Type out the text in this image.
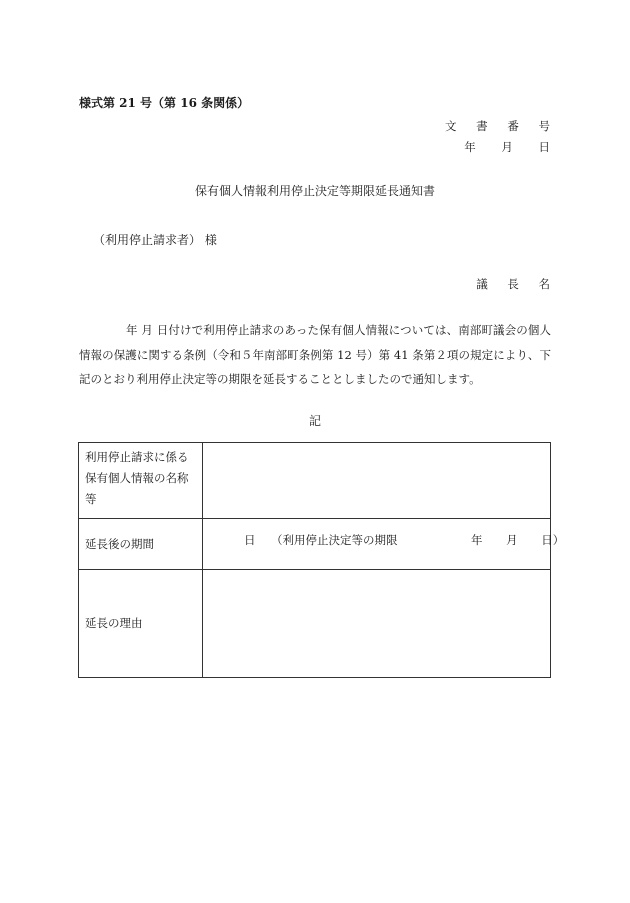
様式第 21 号（第 16 条関係）
文 書 番 号
年 月 日
保有個人情報利用停止決定等期限延長通知書
（利用停止請求者） 様
議 長 名
年 月 日付けで利用停止請求のあった保有個人情報については、南部町議会の個人情報の保護に関する条例（令和５年南部町条例第 12 号）第 41 条第２項の規定により、下記のとおり利用停止決定等の期限を延長することとしましたので通知します。
記
利用停止請求に係る保有個人情報の名称等	
延長後の期間	日 （利用停止決定等の期限 年 月 日）

延長の理由	
